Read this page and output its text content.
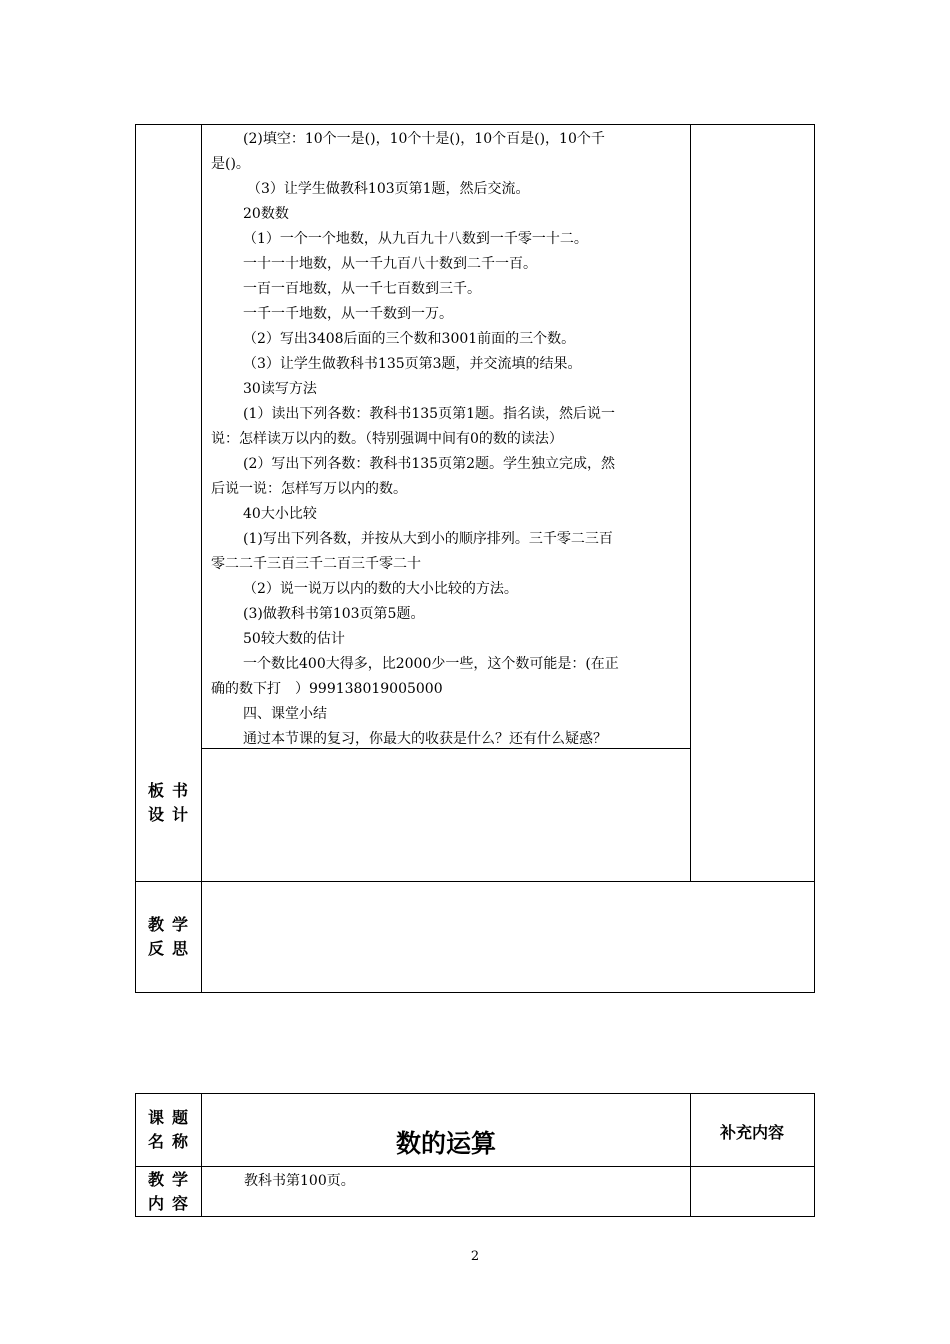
(2)填空：10个一是()，10个十是()，10个百是()，10个千
是()。
（3）让学生做教科103页第1题，然后交流。
20数数
（1）一个一个地数，从九百九十八数到一千零一十二。
一十一十地数，从一千九百八十数到二千一百。
一百一百地数，从一千七百数到三千。
一千一千地数，从一千数到一万。
（2）写出3408后面的三个数和3001前面的三个数。
（3）让学生做教科书135页第3题，并交流填的结果。
30读写方法
(1）读出下列各数：教科书135页第1题。指名读，然后说一
说：怎样读万以内的数。（特别强调中间有0的数的读法）
(2）写出下列各数：教科书135页第2题。学生独立完成，然
后说一说：怎样写万以内的数。
40大小比较
(1)写出下列各数，并按从大到小的顺序排列。三千零二三百
零二二千三百三千二百三千零二十
（2）说一说万以内的数的大小比较的方法。
(3)做教科书第103页第5题。
50较大数的估计
一个数比400大得多，比2000少一些，这个数可能是：(在正
确的数下打　）999138019005000
四、课堂小结
通过本节课的复习，你最大的收获是什么？还有什么疑惑？
板书
设计
教学
反思
课题
名称	数的运算	补充内容
教学
内容
教科书第100页。
2
